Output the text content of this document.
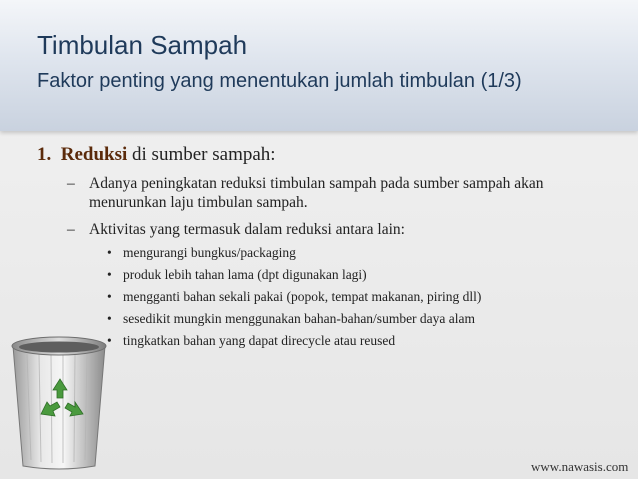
Timbulan Sampah
Faktor penting yang menentukan jumlah timbulan (1/3)
1. Reduksi di sumber sampah:
– Adanya peningkatan reduksi timbulan sampah pada sumber sampah akan menurunkan laju timbulan sampah.
– Aktivitas yang termasuk dalam reduksi antara lain:
• mengurangi bungkus/packaging
• produk lebih tahan lama (dpt digunakan lagi)
• mengganti bahan sekali pakai (popok, tempat makanan, piring dll)
• sesedikit mungkin menggunakan bahan-bahan/sumber daya alam
• tingkatkan bahan yang dapat direcycle atau reused
www.nawasis.com
